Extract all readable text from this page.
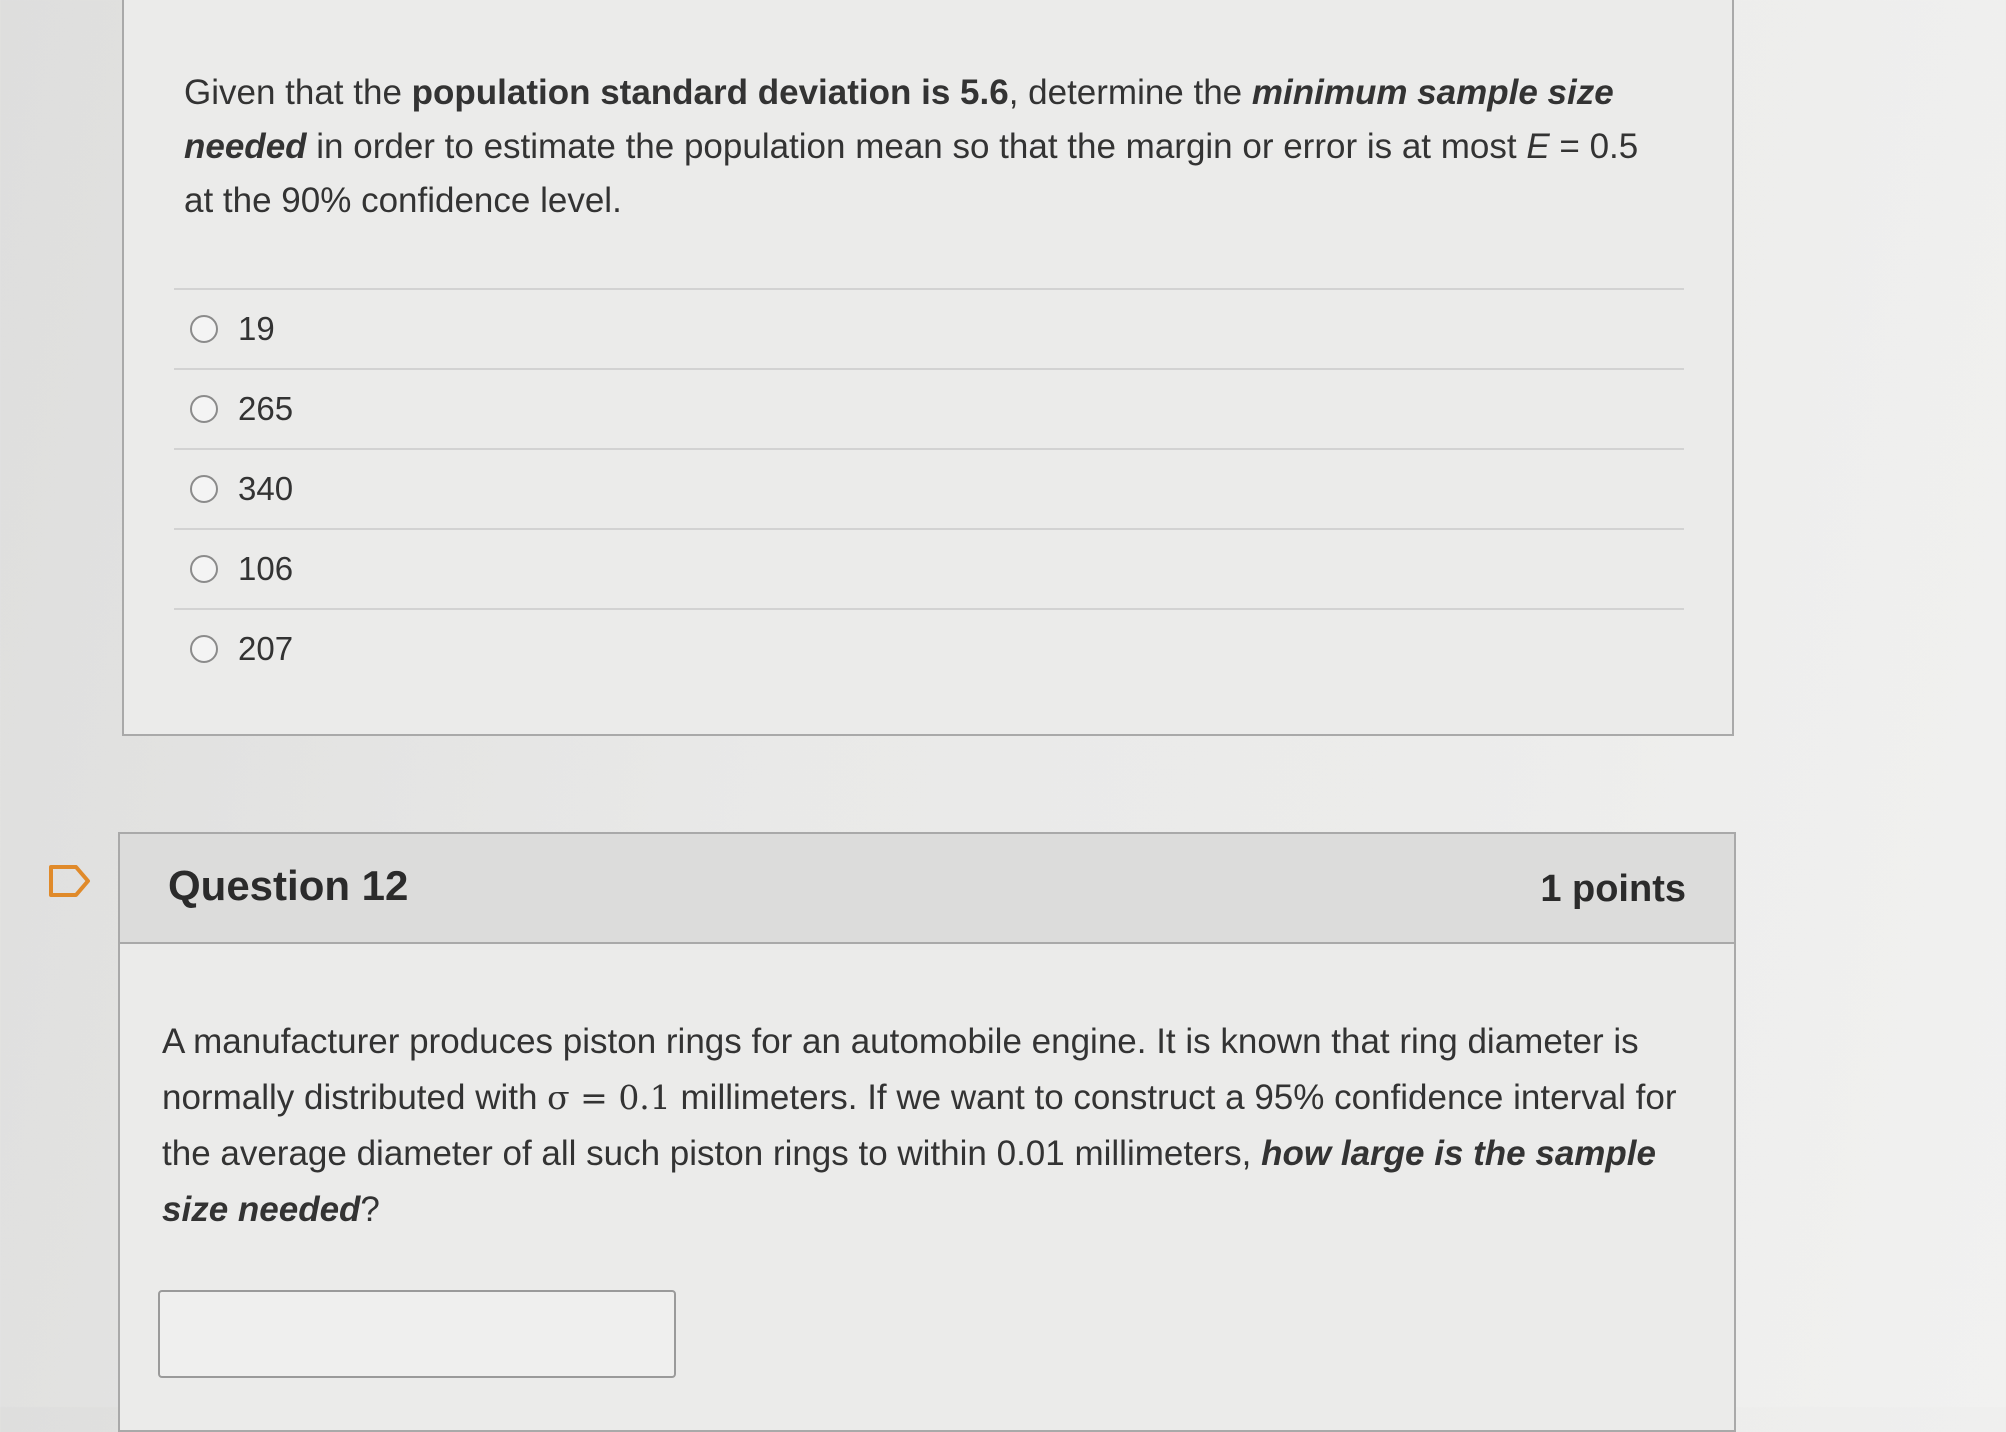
Given that the population standard deviation is 5.6, determine the minimum sample size needed in order to estimate the population mean so that the margin or error is at most E = 0.5 at the 90% confidence level.
19
265
340
106
207
Question 12	1 points
A manufacturer produces piston rings for an automobile engine. It is known that ring diameter is normally distributed with σ = 0.1 millimeters. If we want to construct a 95% confidence interval for the average diameter of all such piston rings to within 0.01 millimeters, how large is the sample size needed?
